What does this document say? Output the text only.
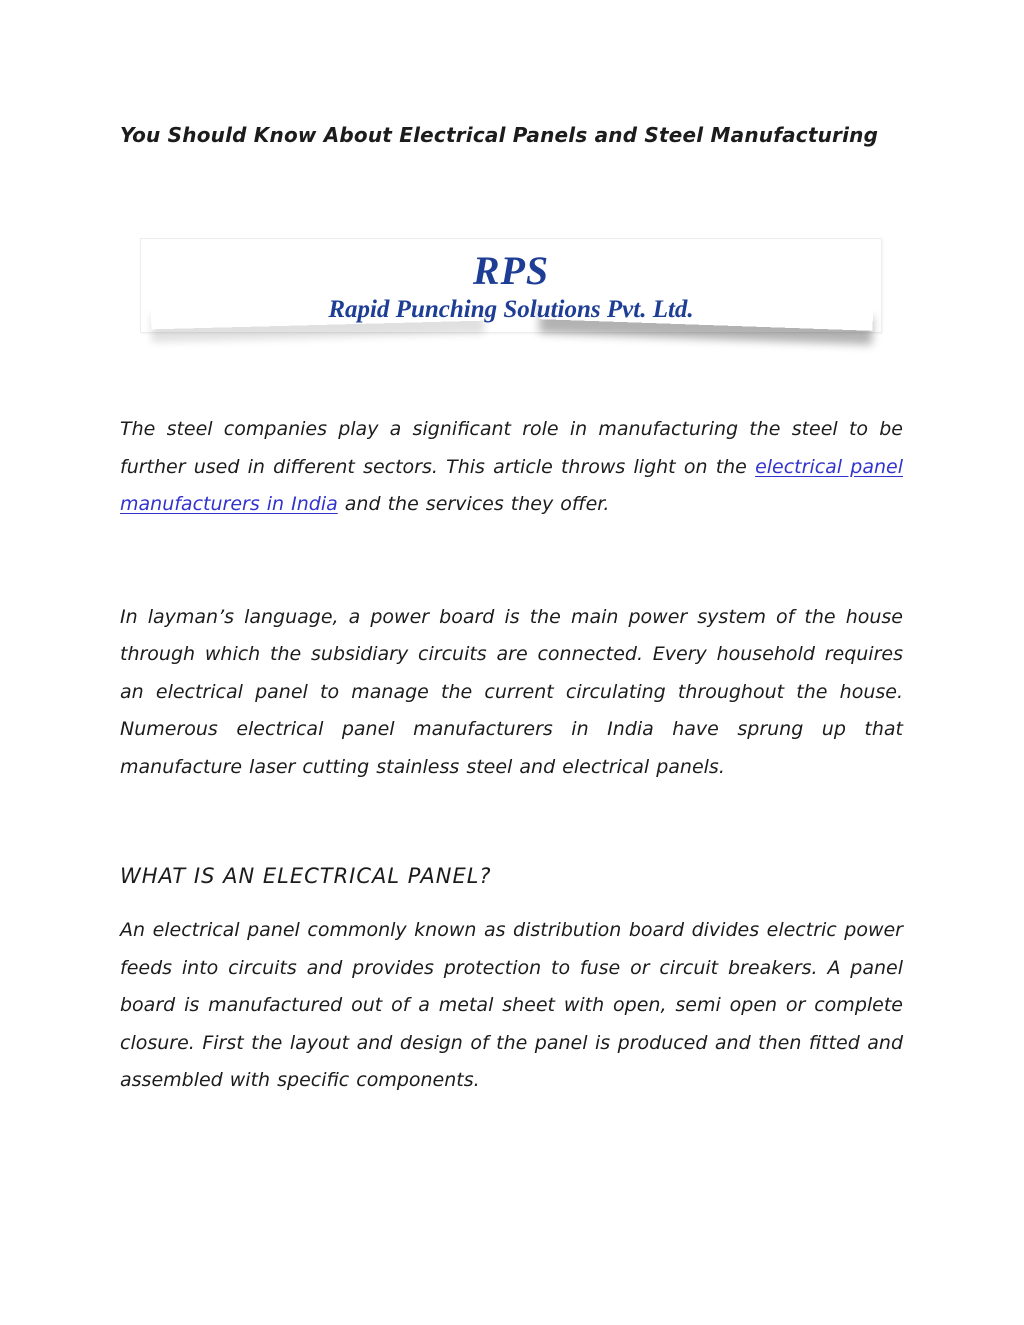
You Should Know About Electrical Panels and Steel Manufacturing
RPS
Rapid Punching Solutions Pvt. Ltd.

The steel companies play a significant role in manufacturing the steel to be further used in different sectors. This article throws light on the electrical panel manufacturers in India and the services they offer.

In layman’s language, a power board is the main power system of the house through which the subsidiary circuits are connected. Every household requires an electrical panel to manage the current circulating throughout the house. Numerous electrical panel manufacturers in India have sprung up that manufacture laser cutting stainless steel and electrical panels.

WHAT IS AN ELECTRICAL PANEL?

An electrical panel commonly known as distribution board divides electric power feeds into circuits and provides protection to fuse or circuit breakers. A panel board is manufactured out of a metal sheet with open, semi open or complete closure. First the layout and design of the panel is produced and then fitted and assembled with specific components.
